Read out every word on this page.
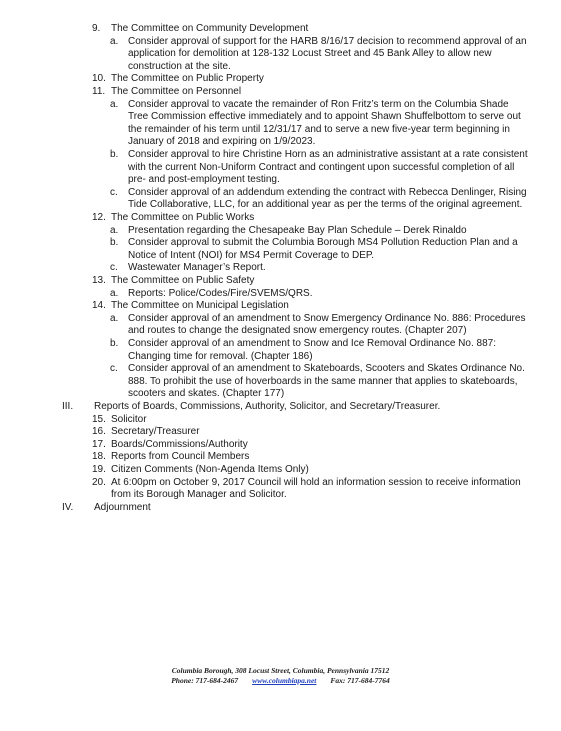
9. The Committee on Community Development
a. Consider approval of support for the HARB 8/16/17 decision to recommend approval of an
application for demolition at 128-132 Locust Street and 45 Bank Alley to allow new
construction at the site.
10. The Committee on Public Property
11. The Committee on Personnel
a. Consider approval to vacate the remainder of Ron Fritz’s term on the Columbia Shade
Tree Commission effective immediately and to appoint Shawn Shuffelbottom to serve out
the remainder of his term until 12/31/17 and to serve a new five-year term beginning in
January of 2018 and expiring on 1/9/2023.
b. Consider approval to hire Christine Horn as an administrative assistant at a rate consistent
with the current Non-Uniform Contract and contingent upon successful completion of all
pre- and post-employment testing.
c. Consider approval of an addendum extending the contract with Rebecca Denlinger, Rising
Tide Collaborative, LLC, for an additional year as per the terms of the original agreement.
12. The Committee on Public Works
a. Presentation regarding the Chesapeake Bay Plan Schedule – Derek Rinaldo
b. Consider approval to submit the Columbia Borough MS4 Pollution Reduction Plan and a
Notice of Intent (NOI) for MS4 Permit Coverage to DEP.
c. Wastewater Manager’s Report.
13. The Committee on Public Safety
a. Reports: Police/Codes/Fire/SVEMS/QRS.
14. The Committee on Municipal Legislation
a. Consider approval of an amendment to Snow Emergency Ordinance No. 886: Procedures
and routes to change the designated snow emergency routes. (Chapter 207)
b. Consider approval of an amendment to Snow and Ice Removal Ordinance No. 887:
Changing time for removal. (Chapter 186)
c. Consider approval of an amendment to Skateboards, Scooters and Skates Ordinance No.
888. To prohibit the use of hoverboards in the same manner that applies to skateboards,
scooters and skates. (Chapter 177)
III. Reports of Boards, Commissions, Authority, Solicitor, and Secretary/Treasurer.
15. Solicitor
16. Secretary/Treasurer
17. Boards/Commissions/Authority
18. Reports from Council Members
19. Citizen Comments (Non-Agenda Items Only)
20. At 6:00pm on October 9, 2017 Council will hold an information session to receive information
from its Borough Manager and Solicitor.
IV. Adjournment
Columbia Borough, 308 Locust Street, Columbia, Pennsylvania 17512
Phone: 717-684-2467 www.columbiapa.net Fax: 717-684-7764
